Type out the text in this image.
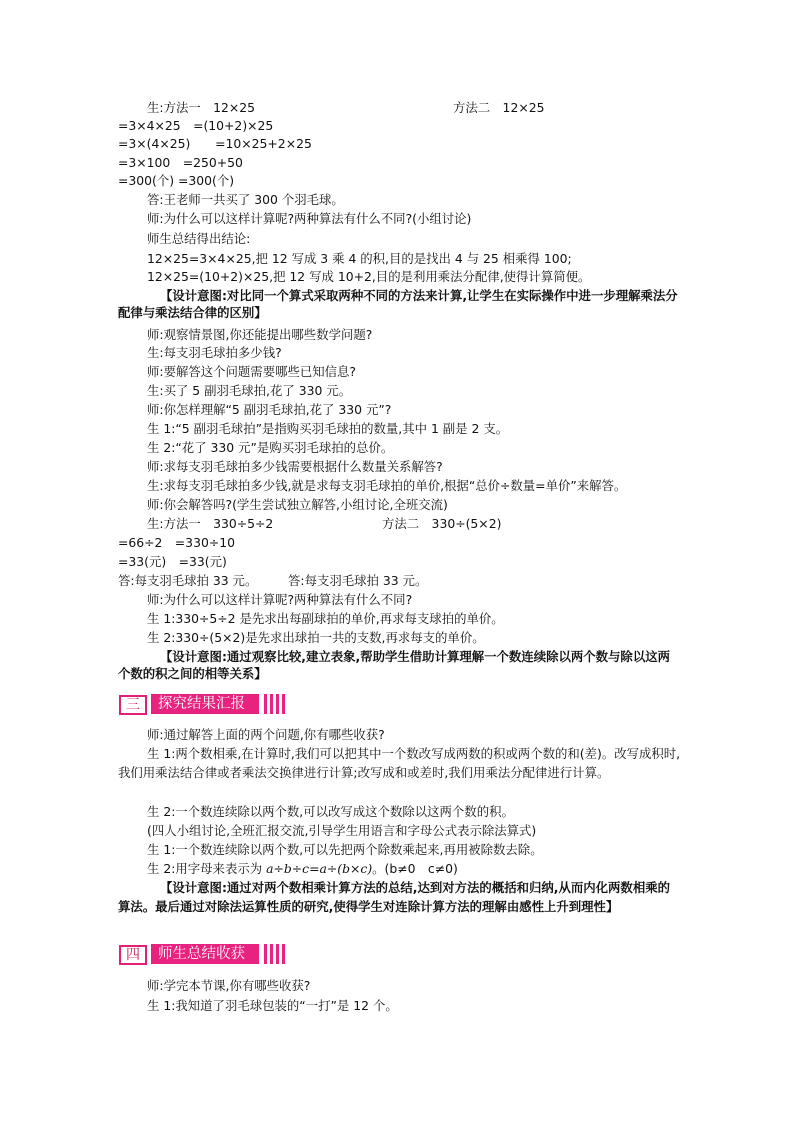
生:方法一　12×25	方法二　12×25
=3×4×25　=(10+2)×25
=3×(4×25)　　=10×25+2×25
=3×100　=250+50
=300(个) =300(个)
答:王老师一共买了 300 个羽毛球。
师:为什么可以这样计算呢?两种算法有什么不同?(小组讨论)
师生总结得出结论:
12×25=3×4×25,把 12 写成 3 乘 4 的积,目的是找出 4 与 25 相乘得 100;
12×25=(10+2)×25,把 12 写成 10+2,目的是利用乘法分配律,使得计算简便。
【设计意图:对比同一个算式采取两种不同的方法来计算,让学生在实际操作中进一步理解乘法分配律与乘法结合律的区别】
师:观察情景图,你还能提出哪些数学问题?
生:每支羽毛球拍多少钱?
师:要解答这个问题需要哪些已知信息?
生:买了 5 副羽毛球拍,花了 330 元。
师:你怎样理解“5 副羽毛球拍,花了 330 元”?
生 1:“5 副羽毛球拍”是指购买羽毛球拍的数量,其中 1 副是 2 支。
生 2:“花了 330 元”是购买羽毛球拍的总价。
师:求每支羽毛球拍多少钱需要根据什么数量关系解答?
生:求每支羽毛球拍多少钱,就是求每支羽毛球拍的单价,根据“总价÷数量=单价”来解答。
师:你会解答吗?(学生尝试独立解答,小组讨论,全班交流)
生:方法一　330÷5÷2	方法二　330÷(5×2)
=66÷2　=330÷10
=33(元)　=33(元)
答:每支羽毛球拍 33 元。	答:每支羽毛球拍 33 元。
师:为什么可以这样计算呢?两种算法有什么不同?
生 1:330÷5÷2 是先求出每副球拍的单价,再求每支球拍的单价。
生 2:330÷(5×2)是先求出球拍一共的支数,再求每支的单价。
【设计意图:通过观察比较,建立表象,帮助学生借助计算理解一个数连续除以两个数与除以这两个数的积之间的相等关系】
三	探究结果汇报
师:通过解答上面的两个问题,你有哪些收获?
生 1:两个数相乘,在计算时,我们可以把其中一个数改写成两数的积或两个数的和(差)。改写成积时,我们用乘法结合律或者乘法交换律进行计算;改写成和或差时,我们用乘法分配律进行计算。
生 2:一个数连续除以两个数,可以改写成这个数除以这两个数的积。
(四人小组讨论,全班汇报交流,引导学生用语言和字母公式表示除法算式)
生 1:一个数连续除以两个数,可以先把两个除数乘起来,再用被除数去除。
生 2:用字母来表示为 a÷b÷c=a÷(b×c)。(b≠0　c≠0)
【设计意图:通过对两个数相乘计算方法的总结,达到对方法的概括和归纳,从而内化两数相乘的算法。最后通过对除法运算性质的研究,使得学生对连除计算方法的理解由感性上升到理性】
四	师生总结收获
师:学完本节课,你有哪些收获?
生 1:我知道了羽毛球包装的“一打”是 12 个。
